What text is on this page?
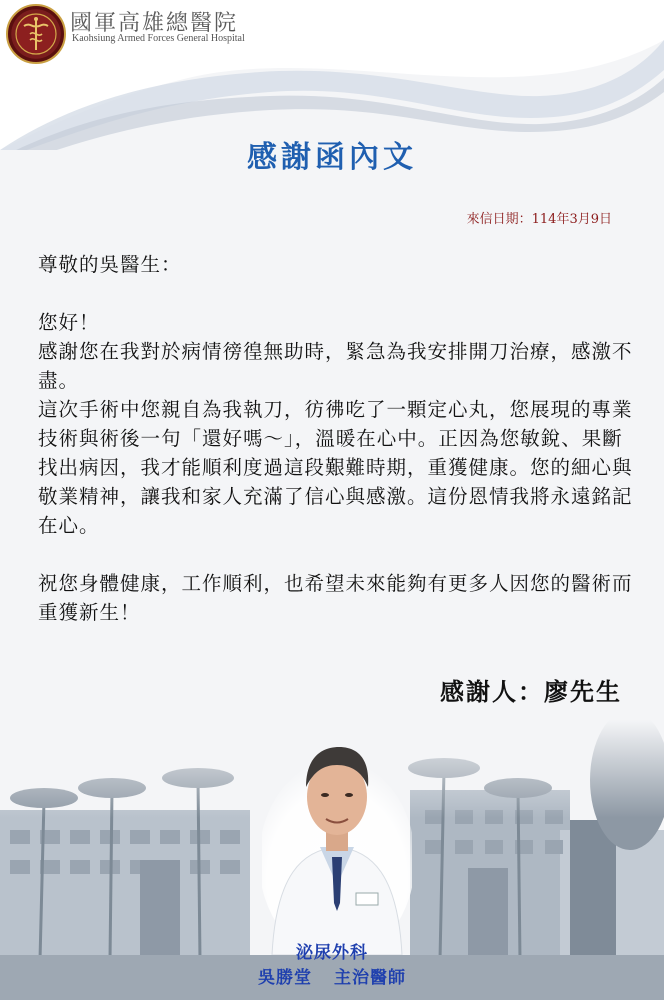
國軍高雄總醫院
Kaohsiung Armed Forces General Hospital
感謝函內文
來信日期：114年3月9日

尊敬的吳醫生：

您好！

感謝您在我對於病情徬徨無助時，緊急為我安排開刀治療，感激不盡。

這次手術中您親自為我執刀，彷彿吃了一顆定心丸，您展現的專業技術與術後一句「還好嗎～」，溫暖在心中。正因為您敏銳、果斷找出病因，我才能順利度過這段艱難時期，重獲健康。您的細心與敬業精神，讓我和家人充滿了信心與感激。這份恩情我將永遠銘記在心。

祝您身體健康，工作順利，也希望未來能夠有更多人因您的醫術而重獲新生！

感謝人：廖先生
泌尿外科
吳勝堂 主治醫師
